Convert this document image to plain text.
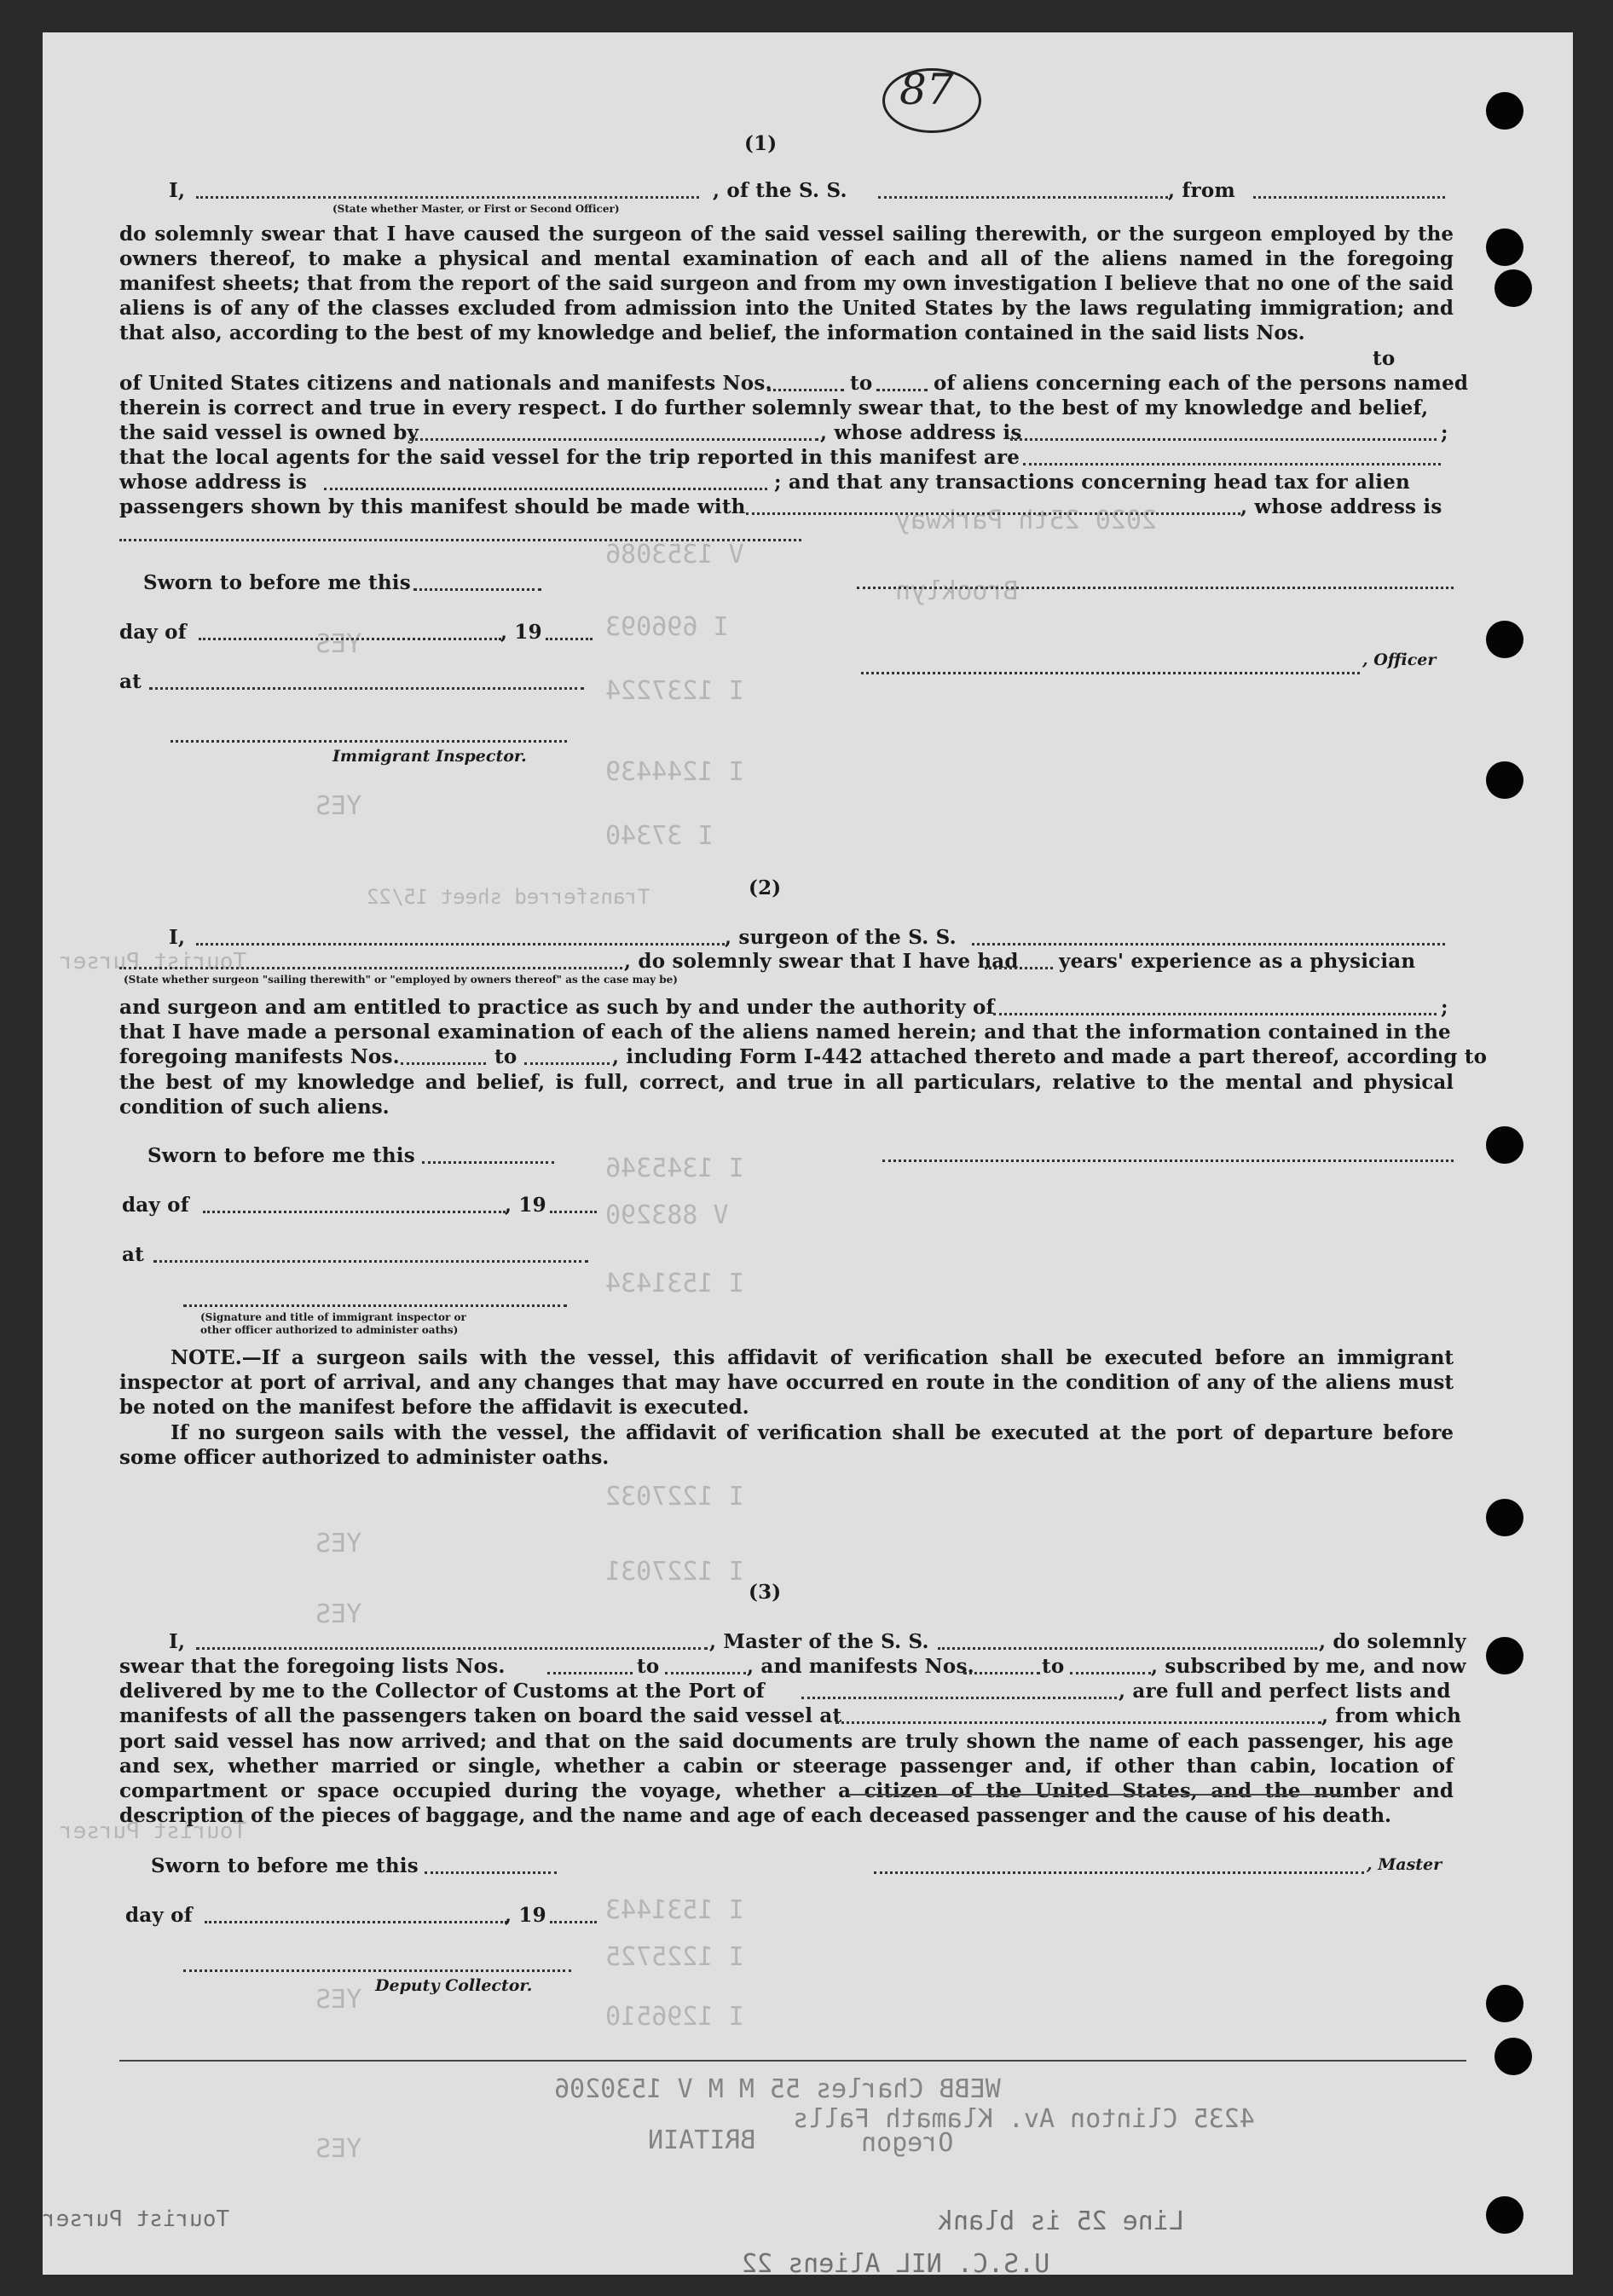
2020 25th Parkway
V 1353086
Brooklyn
I 696093
YES
I 1237224
I 1244439
YES
I 37340
Transferred sheet 15/22
Tourist Purser
I 1345346
V 883290
I 1531434
I 1227032
YES
I 1227031
YES
Tourist Purser
I 1531443
I 1225725
YES
I 1296510
WEBB Charles 55 M M V 1530206
4235 Clinton Av. Klamath Falls
Oregon
BRITAIN
YES
Tourist Purser	Line 25 is blank
U.S.C. NIL Aliens 22
87
(1)
I,	, of the S. S.	, from
(State whether Master, or First or Second Officer)
do solemnly swear that I have caused the surgeon of the said vessel sailing therewith, or the surgeon employed by the owners thereof, to make a physical and mental examination of each and all of the aliens named in the foregoing manifest sheets; that from the report of the said surgeon and from my own investigation I believe that no one of the said aliens is of any of the classes excluded from admission into the United States by the laws regulating immigration; and that also, according to the best of my knowledge and belief, the information contained in the said lists Nos.
to
of United States citizens and nationals and manifests Nos.	to	of aliens concerning each of the persons named
therein is correct and true in every respect. I do further solemnly swear that, to the best of my knowledge and belief,
the said vessel is owned by	, whose address is	;
that the local agents for the said vessel for the trip reported in this manifest are
whose address is	; and that any transactions concerning head tax for alien
passengers shown by this manifest should be made with	, whose address is
Sworn to before me this
day of	, 19
at
, Officer
Immigrant Inspector.
(2)
I,	, surgeon of the S. S.
, do solemnly swear that I have had years' experience as a physician
(State whether surgeon "sailing therewith" or "employed by owners thereof" as the case may be)
and surgeon and am entitled to practice as such by and under the authority of	;
that I have made a personal examination of each of the aliens named herein; and that the information contained in the
foregoing manifests Nos.	to	, including Form I-442 attached thereto and made a part thereof, according to
the best of my knowledge and belief, is full, correct, and true in all particulars, relative to the mental and physical condition of such aliens.
Sworn to before me this
day of	, 19
at
(Signature and title of immigrant inspector or
other officer authorized to administer oaths)
NOTE.—If a surgeon sails with the vessel, this affidavit of verification shall be executed before an immigrant inspector at port of arrival, and any changes that may have occurred en route in the condition of any of the aliens must be noted on the manifest before the affidavit is executed.
If no surgeon sails with the vessel, the affidavit of verification shall be executed at the port of departure before some officer authorized to administer oaths.
(3)
I,	, Master of the S. S.	, do solemnly
swear that the foregoing lists Nos.	to	, and manifests Nos.	to	, subscribed by me, and now
delivered by me to the Collector of Customs at the Port of	, are full and perfect lists and
manifests of all the passengers taken on board the said vessel at	, from which
port said vessel has now arrived; and that on the said documents are truly shown the name of each passenger, his age and sex, whether married or single, whether a cabin or steerage passenger and, if other than cabin, location of compartment or space occupied during the voyage, whether a citizen of the United States, and the number and description of the pieces of baggage, and the name and age of each deceased passenger and the cause of his death.
Sworn to before me this	, Master
day of	, 19
Deputy Collector.
